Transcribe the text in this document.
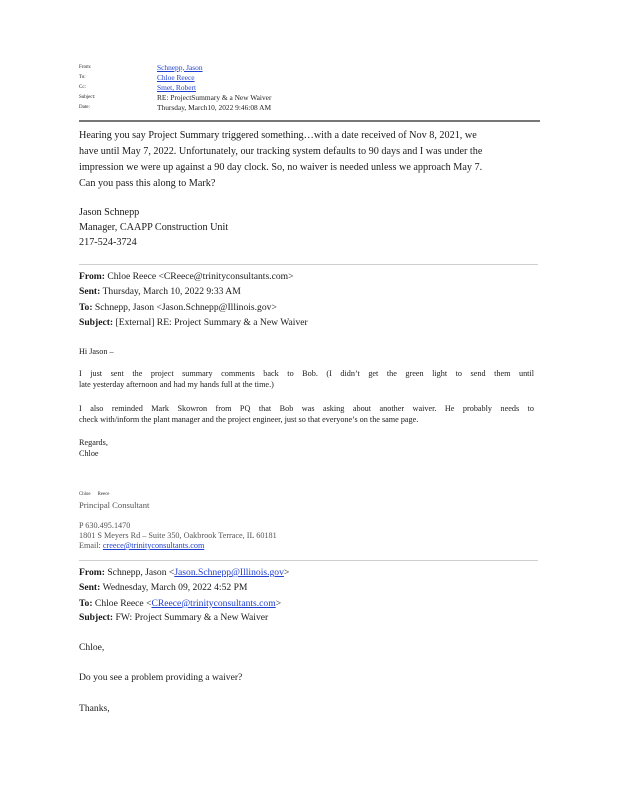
From:	Schnepp, Jason
To:	Chloe Reece
Cc:	Smet, Robert
Subject:	RE: ProjectSummary & a New Waiver
Date:	Thursday, March10, 2022 9:46:08 AM
Hearing you say Project Summary triggered something…with a date received of Nov 8, 2021, we
have until May 7, 2022. Unfortunately, our tracking system defaults to 90 days and I was under the
impression we were up against a 90 day clock. So, no waiver is needed unless we approach May 7.
Can you pass this along to Mark?
Jason Schnepp
Manager, CAAPP Construction Unit
217-524-3724
From: Chloe Reece <CReece@trinityconsultants.com>
Sent: Thursday, March 10, 2022 9:33 AM
To: Schnepp, Jason <Jason.Schnepp@Illinois.gov>
Subject: [External] RE: Project Summary & a New Waiver
Hi Jason –
I just sent the project summary comments back to Bob. (I didn’t get the green light to send them until
late yesterday afternoon and had my hands full at the time.)
I also reminded Mark Skowron from PQ that Bob was asking about another waiver. He probably needs to
check with/inform the plant manager and the project engineer, just so that everyone’s on the same page.
Regards,
Chloe
Chloe Reece
Principal Consultant
P 630.495.1470
1801 S Meyers Rd – Suite 350, Oakbrook Terrace, IL 60181
Email: creece@trinityconsultants.com
From: Schnepp, Jason <Jason.Schnepp@Illinois.gov>
Sent: Wednesday, March 09, 2022 4:52 PM
To: Chloe Reece <CReece@trinityconsultants.com>
Subject: FW: Project Summary & a New Waiver
Chloe,
Do you see a problem providing a waiver?
Thanks,
